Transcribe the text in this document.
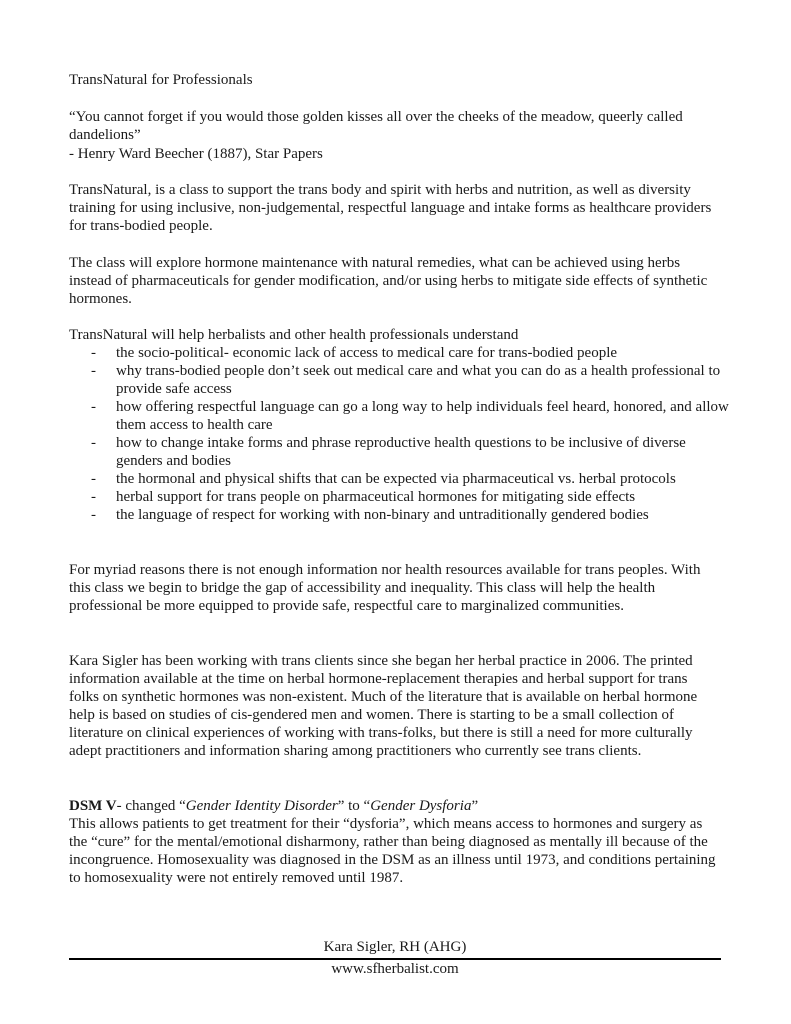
TransNatural for Professionals

“You cannot forget if you would those golden kisses all over the cheeks of the meadow, queerly called dandelions”

- Henry Ward Beecher (1887), Star Papers

TransNatural, is a class to support the trans body and spirit with herbs and nutrition, as well as diversity training for using inclusive, non-judgemental, respectful language and intake forms as healthcare providers for trans-bodied people.

The class will explore hormone maintenance with natural remedies, what can be achieved using herbs instead of pharmaceuticals for gender modification, and/or using herbs to mitigate side effects of synthetic hormones.

TransNatural will help herbalists and other health professionals understand

- the socio-political- economic lack of access to medical care for trans-bodied people
- why trans-bodied people don’t seek out medical care and what you can do as a health professional to provide safe access
- how offering respectful language can go a long way to help individuals feel heard, honored, and allow them access to health care
- how to change intake forms and phrase reproductive health questions to be inclusive of diverse genders and bodies
- the hormonal and physical shifts that can be expected via pharmaceutical vs. herbal protocols
- herbal support for trans people on pharmaceutical hormones for mitigating side effects
- the language of respect for working with non-binary and untraditionally gendered bodies

For myriad reasons there is not enough information nor health resources available for trans peoples. With this class we begin to bridge the gap of accessibility and inequality. This class will help the health professional be more equipped to provide safe, respectful care to marginalized communities.

Kara Sigler has been working with trans clients since she began her herbal practice in 2006. The printed information available at the time on herbal hormone-replacement therapies and herbal support for trans folks on synthetic hormones was non-existent. Much of the literature that is available on herbal hormone help is based on studies of cis-gendered men and women. There is starting to be a small collection of literature on clinical experiences of working with trans-folks, but there is still a need for more culturally adept practitioners and information sharing among practitioners who currently see trans clients.

DSM V- changed “Gender Identity Disorder” to “Gender Dysforia”

This allows patients to get treatment for their “dysforia”, which means access to hormones and surgery as the “cure” for the mental/emotional disharmony, rather than being diagnosed as mentally ill because of the incongruence. Homosexuality was diagnosed in the DSM as an illness until 1973, and conditions pertaining to homosexuality were not entirely removed until 1987.

Kara Sigler, RH (AHG)

www.sfherbalist.com
